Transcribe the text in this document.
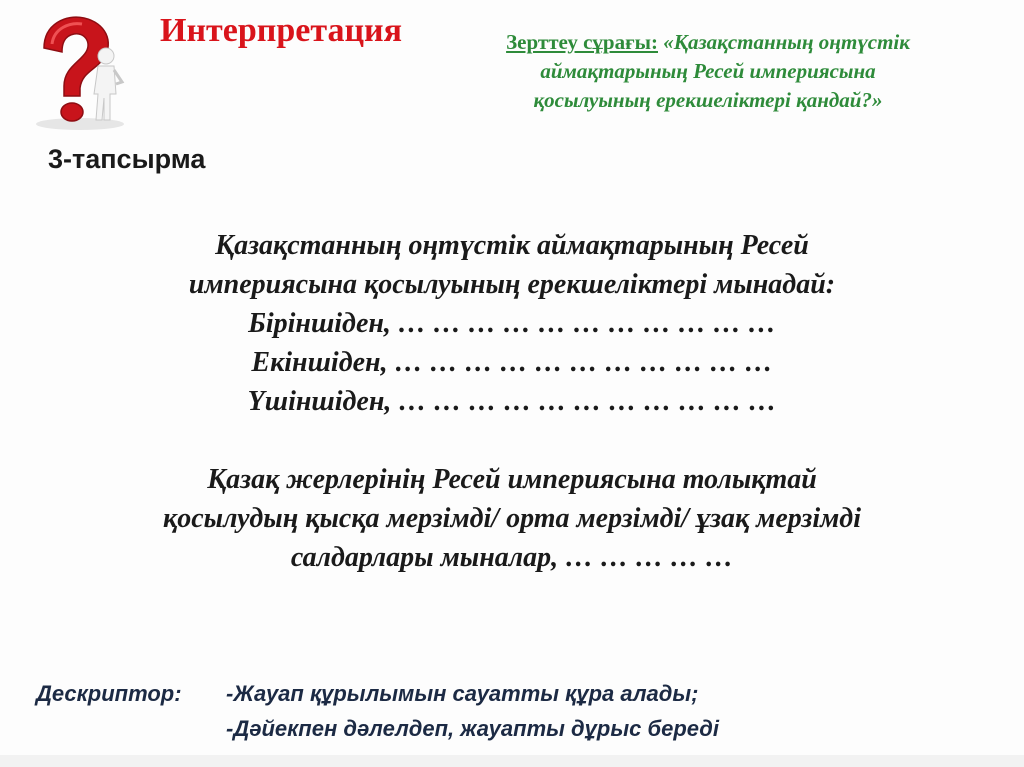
Интерпретация	Зерттеу сұрағы: «Қазақстанның оңтүстік аймақтарының Ресей империясына қосылуының ерекшеліктері қандай?»
3-тапсырма
Қазақстанның оңтүстік аймақтарының Ресей
империясына қосылуының ерекшеліктері мынадай:
Біріншіден, … … … … … … … … … … …
Екіншіден, … … … … … … … … … … …
Үшіншіден, … … … … … … … … … … …
Қазақ жерлерінің Ресей империясына толықтай
қосылудың қысқа мерзімді/ орта мерзімді/ ұзақ мерзімді
салдарлары мыналар, … … … … …
Дескриптор:	-Жауап құрылымын сауатты құра алады;
-Дәйекпен дәлелдеп, жауапты дұрыс береді
